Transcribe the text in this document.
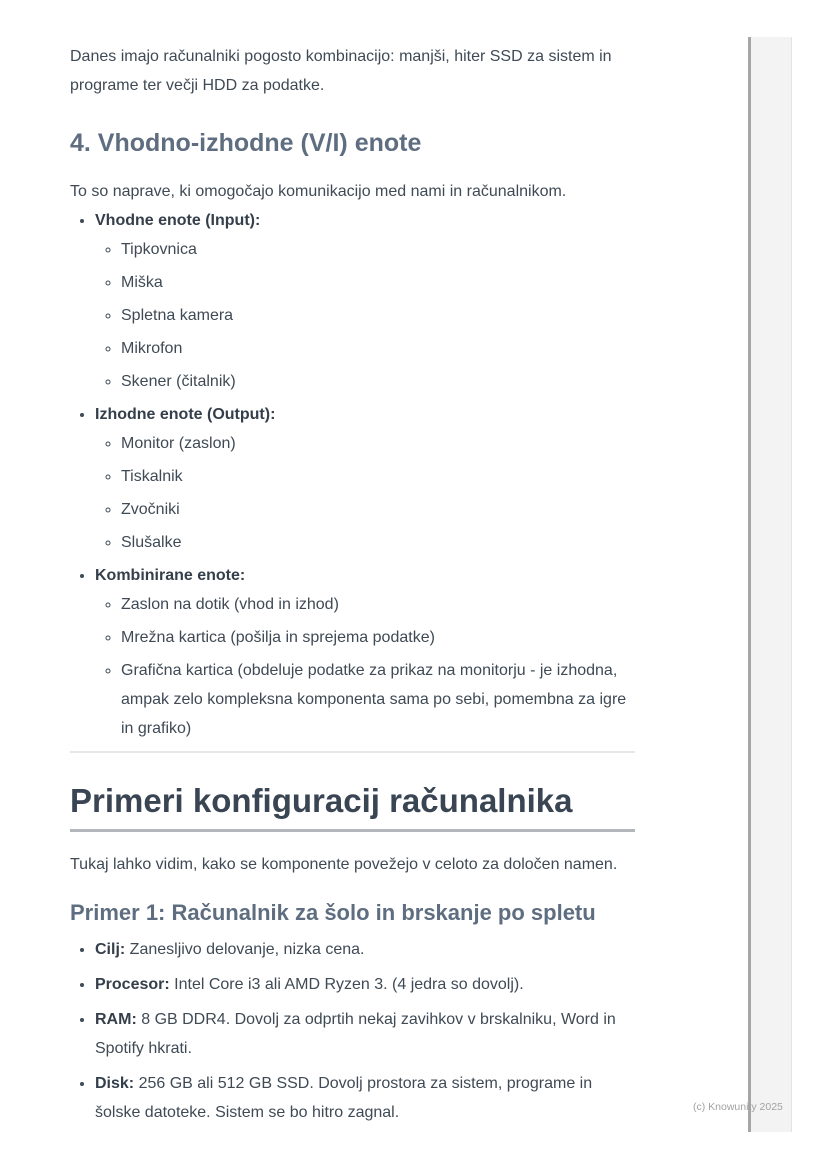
Danes imajo računalniki pogosto kombinacijo: manjši, hiter SSD za sistem in programe ter večji HDD za podatke.

4. Vhodno-izhodne (V/I) enote

To so naprave, ki omogočajo komunikacijo med nami in računalnikom.

• Vhodne enote (Input):
◦ Tipkovnica
◦ Miška
◦ Spletna kamera
◦ Mikrofon
◦ Skener (čitalnik)
• Izhodne enote (Output):
◦ Monitor (zaslon)
◦ Tiskalnik
◦ Zvočniki
◦ Slušalke
• Kombinirane enote:
◦ Zaslon na dotik (vhod in izhod)
◦ Mrežna kartica (pošilja in sprejema podatke)
◦ Grafična kartica (obdeluje podatke za prikaz na monitorju - je izhodna, ampak zelo kompleksna komponenta sama po sebi, pomembna za igre in grafiko)
Primeri konfiguracij računalnika

Tukaj lahko vidim, kako se komponente povežejo v celoto za določen namen.

Primer 1: Računalnik za šolo in brskanje po spletu
• Cilj: Zanesljivo delovanje, nizka cena.
• Procesor: Intel Core i3 ali AMD Ryzen 3. (4 jedra so dovolj).
• RAM: 8 GB DDR4. Dovolj za odprtih nekaj zavihkov v brskalniku, Word in Spotify hkrati.
• Disk: 256 GB ali 512 GB SSD. Dovolj prostora za sistem, programe in šolske datoteke. Sistem se bo hitro zagnal.	(c) Knowunity 2025
